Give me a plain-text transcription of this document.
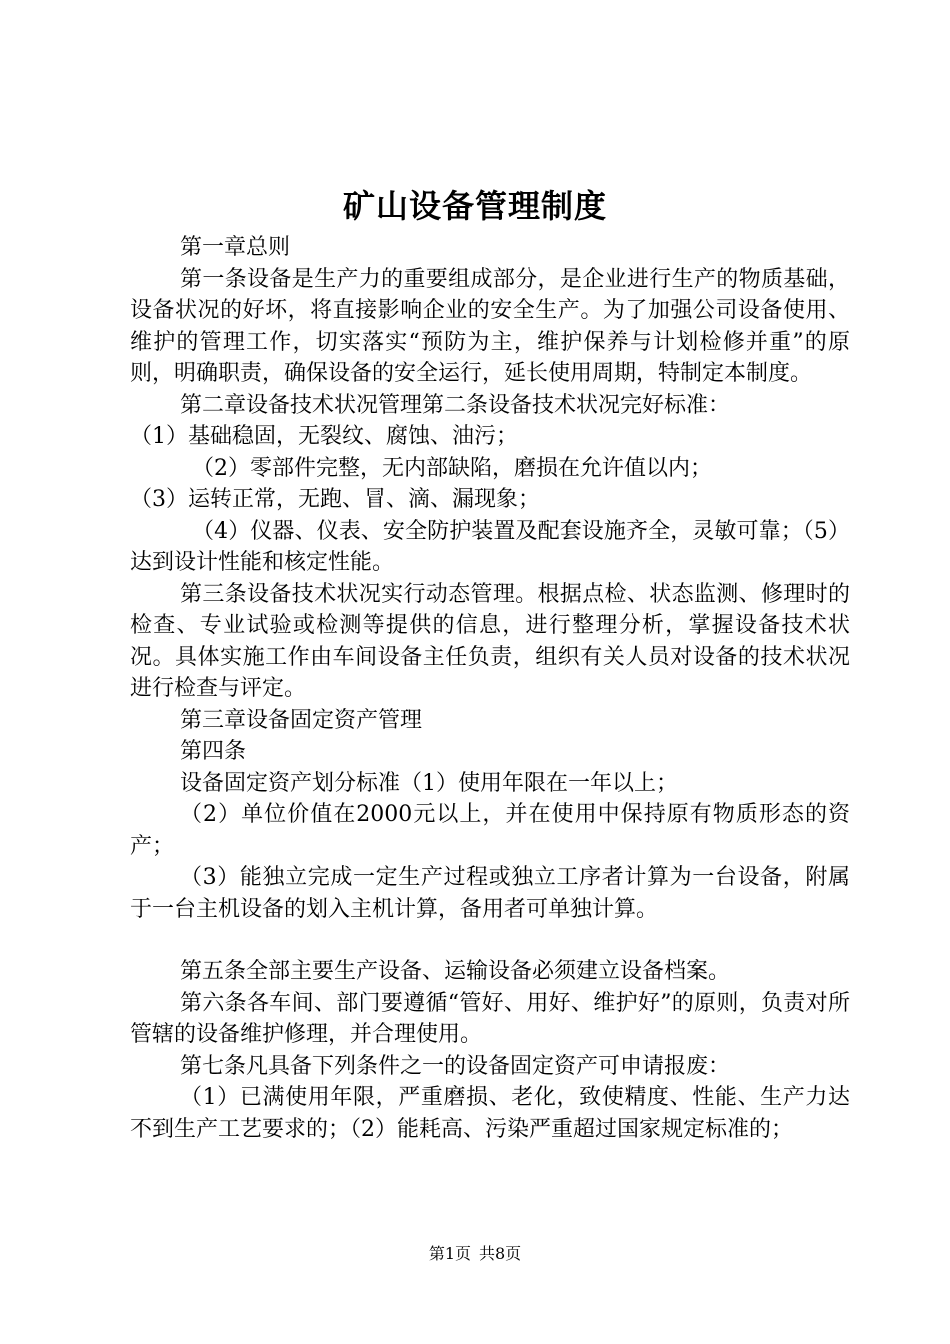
矿山设备管理制度

第一章总则

第一条设备是生产力的重要组成部分，是企业进行生产的物质基础，设备状况的好坏，将直接影响企业的安全生产。为了加强公司设备使用、维护的管理工作，切实落实“预防为主，维护保养与计划检修并重”的原则，明确职责，确保设备的安全运行，延长使用周期，特制定本制度。

第二章设备技术状况管理第二条设备技术状况完好标准：

（1）基础稳固，无裂纹、腐蚀、油污；

（2）零部件完整，无内部缺陷，磨损在允许值以内；

（3）运转正常，无跑、冒、滴、漏现象；

（4）仪器、仪表、安全防护装置及配套设施齐全，灵敏可靠；（5）达到设计性能和核定性能。

第三条设备技术状况实行动态管理。根据点检、状态监测、修理时的检查、专业试验或检测等提供的信息，进行整理分析，掌握设备技术状况。具体实施工作由车间设备主任负责，组织有关人员对设备的技术状况进行检查与评定。

第三章设备固定资产管理

第四条

设备固定资产划分标准（1）使用年限在一年以上；

（2）单位价值在2000元以上，并在使用中保持原有物质形态的资产；

（3）能独立完成一定生产过程或独立工序者计算为一台设备，附属于一台主机设备的划入主机计算，备用者可单独计算。

第五条全部主要生产设备、运输设备必须建立设备档案。

第六条各车间、部门要遵循“管好、用好、维护好”的原则，负责对所管辖的设备维护修理，并合理使用。

第七条凡具备下列条件之一的设备固定资产可申请报废：

（1）已满使用年限，严重磨损、老化，致使精度、性能、生产力达不到生产工艺要求的；（2）能耗高、污染严重超过国家规定标准的；

第1页 共8页
